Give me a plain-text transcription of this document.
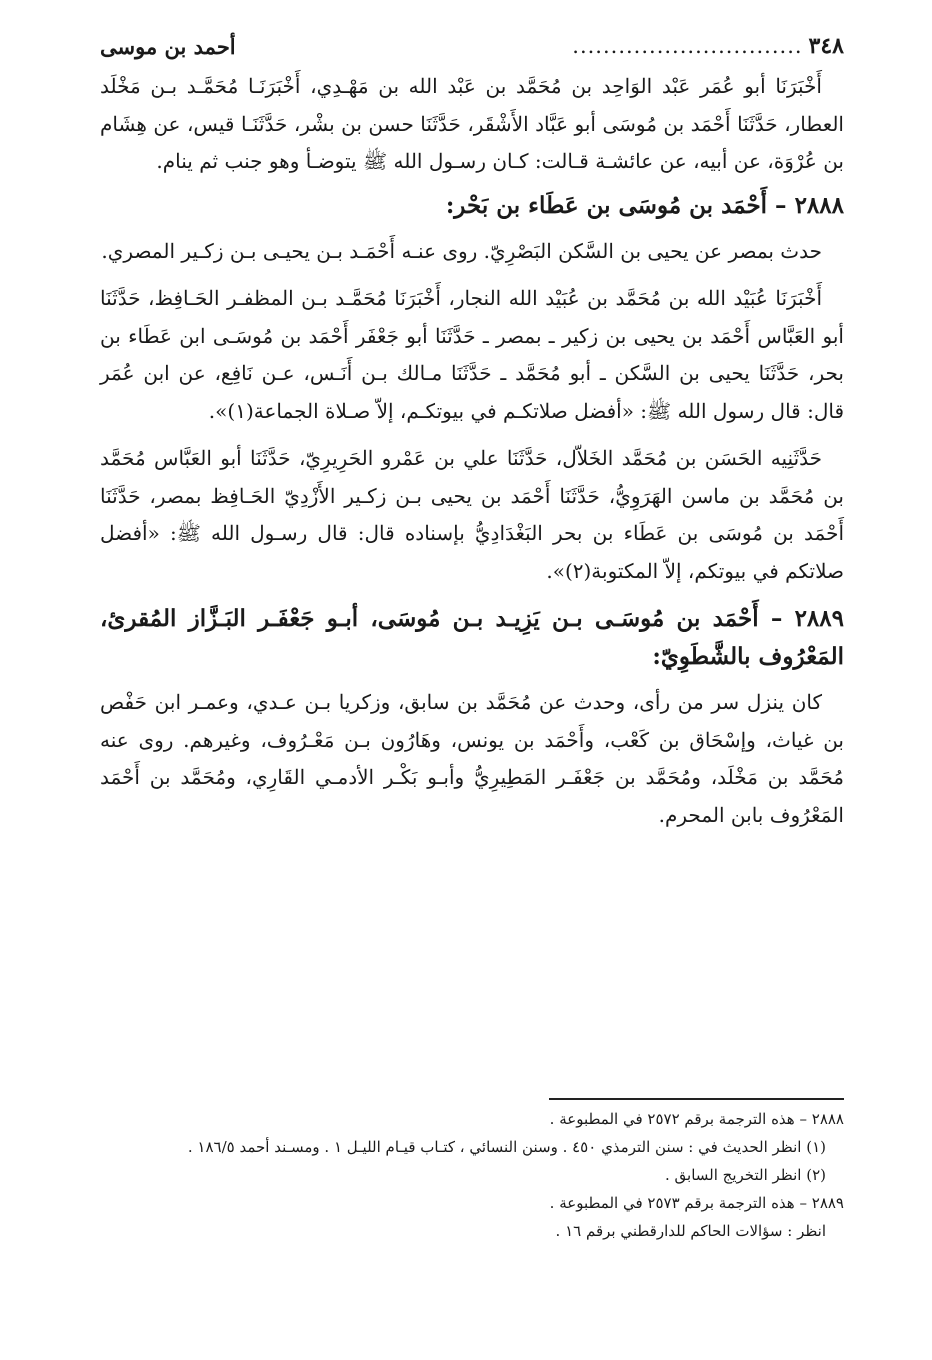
٣٤٨
..............................
أحمد بن موسى

أَخْبَرَنَا أبو عُمَر عَبْد الوَاحِد بن مُحَمَّد بن عَبْد الله بن مَهْـدِي، أَخْبَرَنَـا مُحَمَّـد بـن مَخْلَد العطار، حَدَّثَنَا أَحْمَد بن مُوسَى أبو عَبَّاد الأَشْقَر، حَدَّثَنَا حسن بن بشْر، حَدَّثَنَـا قيس، عن هِشَام بن عُرْوَة، عن أبيه، عن عائشـة قـالت: كـان رسـول الله ﷺ يتوضـأ وهو جنب ثم ينام.

٢٨٨٨ – أَحْمَد بن مُوسَى بن عَطَاء بن بَحْر:

حدث بمصر عن يحيى بن السَّكن البَصْرِيّ. روى عنـه أَحْمَـد بـن يحيـى بـن زكـير المصري.

أَخْبَرَنَا عُبَيْد الله بن مُحَمَّد بن عُبَيْد الله النجار، أَخْبَرَنَا مُحَمَّـد بـن المظفـر الحَـافِظ، حَدَّثَنَا أبو العَبَّاس أَحْمَد بن يحيى بن زكير ـ بمصر ـ حَدَّثَنَا أبو جَعْفَر أَحْمَد بن مُوسَـى ابن عَطَاء بن بحر، حَدَّثَنَا يحيى بن السَّكن ـ أبو مُحَمَّد ـ حَدَّثَنَا مـالك بـن أَنَـس، عـن نَافِع، عن ابن عُمَر قال: قال رسول الله ﷺ: «أفضل صلاتكـم في بيوتكـم، إلاّ صـلاة الجماعة(١)».

حَدَّثَنِيه الحَسَن بن مُحَمَّد الخَلاّل، حَدَّثَنَا علي بن عَمْرو الحَرِيرِيّ، حَدَّثَنَا أبو العَبَّاس مُحَمَّد بن مُحَمَّد بن ماسن الهَرَوِيُّ، حَدَّثَنَا أَحْمَد بن يحيى بـن زكـير الأَزْدِيّ الحَـافِظ بمصر، حَدَّثَنَا أَحْمَد بن مُوسَى بن عَطَاء بن بحر البَغْدَادِيُّ بإسناده قال: قال رسـول الله ﷺ: «أفضل صلاتكم في بيوتكم، إلاّ المكتوبة(٢)».

٢٨٨٩ – أَحْمَد بن مُوسَـى بـن يَزِيـد بـن مُوسَى، أبـو جَعْفَـر البَـزَّاز المُقرئ، المَعْرُوف بالشَّطَوِيّ:

كان ينزل سر من رأى، وحدث عن مُحَمَّد بن سابق، وزكريا بـن عـدي، وعمـر ابن حَفْص بن غياث، وإسْحَاق بن كَعْب، وأَحْمَد بن يونس، وهَارُون بـن مَعْـرُوف، وغيرهم. روى عنه مُحَمَّد بن مَخْلَد، ومُحَمَّد بن جَعْفَـر المَطِيرِيُّ وأبـو بَكْـر الأدمـي القَارِي، ومُحَمَّد بن أَحْمَد المَعْرُوف بابن المحرم.

٢٨٨٨ – هذه الترجمة برقم ٢٥٧٢ في المطبوعة .
(١) انظر الحديث في : سنن الترمذي ٤٥٠ . وسنن النسائي ، كتـاب قيـام الليـل ١ . ومسـند أحمد ١٨٦/٥ .
(٢) انظر التخريج السابق .
٢٨٨٩ – هذه الترجمة برقم ٢٥٧٣ في المطبوعة .
انظر : سؤالات الحاكم للدارقطني برقم ١٦ .
